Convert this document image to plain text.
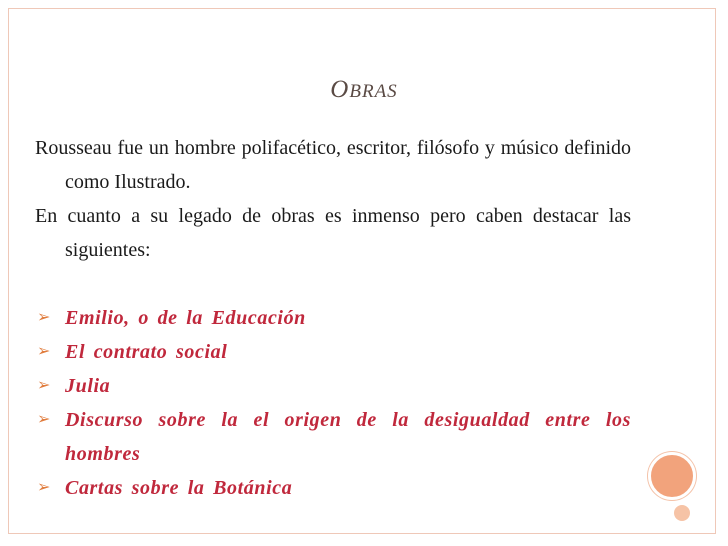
OBRAS

Rousseau fue un hombre polifacético, escritor, filósofo y músico definido como Ilustrado.

En cuanto a su legado de obras es inmenso pero caben destacar las siguientes:

➢ Emilio, o de la Educación
➢ El contrato social
➢ Julia
➢ Discurso sobre la el origen de la desigualdad entre los hombres
➢ Cartas sobre la Botánica
